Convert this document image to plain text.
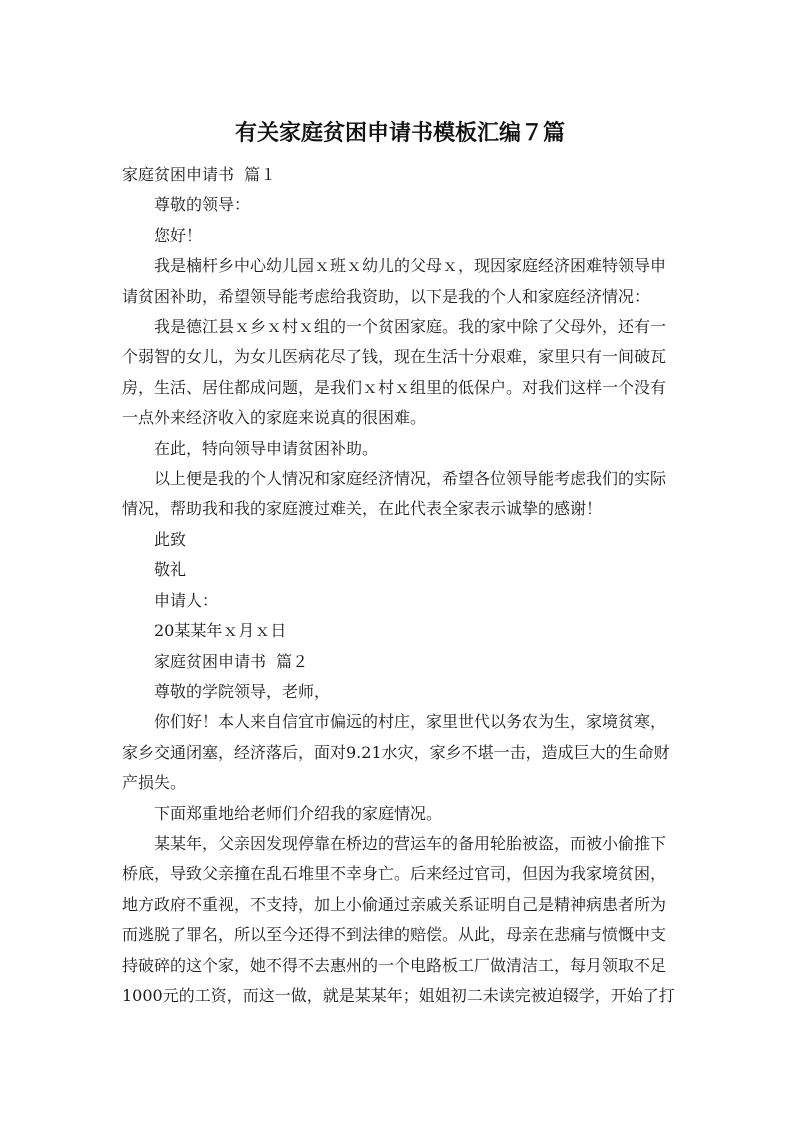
有关家庭贫困申请书模板汇编７篇
家庭贫困申请书  篇１
尊敬的领导：
您好！
我是楠杆乡中心幼儿园ｘ班ｘ幼儿的父母ｘ，现因家庭经济困难特领导申
请贫困补助，希望领导能考虑给我资助，以下是我的个人和家庭经济情况：
我是德江县ｘ乡ｘ村ｘ组的一个贫困家庭。我的家中除了父母外，还有一
个弱智的女儿，为女儿医病花尽了钱，现在生活十分艰难，家里只有一间破瓦
房，生活、居住都成问题，是我们ｘ村ｘ组里的低保户。对我们这样一个没有
一点外来经济收入的家庭来说真的很困难。
在此，特向领导申请贫困补助。
以上便是我的个人情况和家庭经济情况，希望各位领导能考虑我们的实际
情况，帮助我和我的家庭渡过难关，在此代表全家表示诚挚的感谢！
此致
敬礼
申请人：
20某某年ｘ月ｘ日
家庭贫困申请书  篇２
尊敬的学院领导，老师，
你们好！本人来自信宜市偏远的村庄，家里世代以务农为生，家境贫寒，
家乡交通闭塞，经济落后，面对9.21水灾，家乡不堪一击，造成巨大的生命财
产损失。
下面郑重地给老师们介绍我的家庭情况。
某某年，父亲因发现停靠在桥边的营运车的备用轮胎被盗，而被小偷推下
桥底，导致父亲撞在乱石堆里不幸身亡。后来经过官司，但因为我家境贫困，
地方政府不重视，不支持，加上小偷通过亲戚关系证明自己是精神病患者所为
而逃脱了罪名，所以至今还得不到法律的赔偿。从此，母亲在悲痛与愤慨中支
持破碎的这个家，她不得不去惠州的一个电路板工厂做清洁工，每月领取不足
1000元的工资，而这一做，就是某某年；姐姐初二未读完被迫辍学，开始了打
